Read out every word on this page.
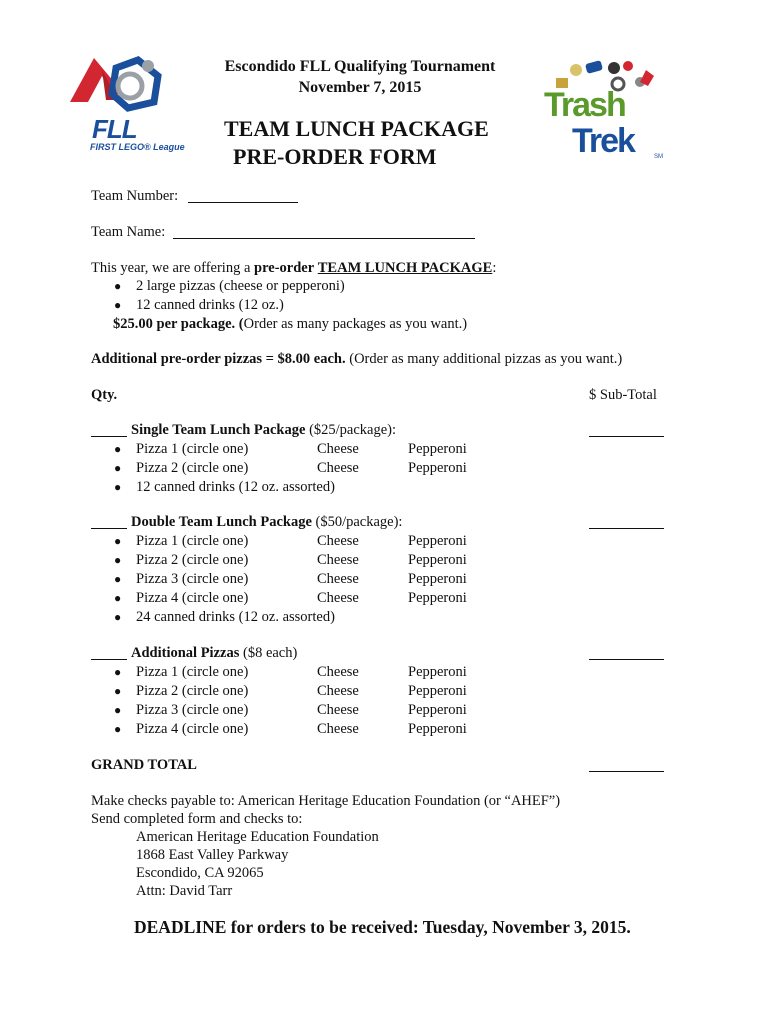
FLL
FIRST LEGO® League
Trash
Trek	SM
Escondido FLL Qualifying Tournament
November 7, 2015
TEAM LUNCH PACKAGE
PRE-ORDER FORM
Team Number:
Team Name:
This year, we are offering a pre-order TEAM LUNCH PACKAGE:
● 2 large pizzas (cheese or pepperoni)
● 12 canned drinks (12 oz.)
$25.00 per package. (Order as many packages as you want.)
Additional pre-order pizzas = $8.00 each. (Order as many additional pizzas as you want.)
Qty.	$ Sub-Total
Single Team Lunch Package ($25/package):
● Pizza 1 (circle one)	Cheese	Pepperoni
● Pizza 2 (circle one)	Cheese	Pepperoni
● 12 canned drinks (12 oz. assorted)
Double Team Lunch Package ($50/package):
● Pizza 1 (circle one)	Cheese	Pepperoni
● Pizza 2 (circle one)	Cheese	Pepperoni
● Pizza 3 (circle one)	Cheese	Pepperoni
● Pizza 4 (circle one)	Cheese	Pepperoni
● 24 canned drinks (12 oz. assorted)
Additional Pizzas ($8 each)
● Pizza 1 (circle one)	Cheese	Pepperoni
● Pizza 2 (circle one)	Cheese	Pepperoni
● Pizza 3 (circle one)	Cheese	Pepperoni
● Pizza 4 (circle one)	Cheese	Pepperoni
GRAND TOTAL
Make checks payable to: American Heritage Education Foundation (or “AHEF”)
Send completed form and checks to:
American Heritage Education Foundation
1868 East Valley Parkway
Escondido, CA 92065
Attn: David Tarr
DEADLINE for orders to be received: Tuesday, November 3, 2015.
